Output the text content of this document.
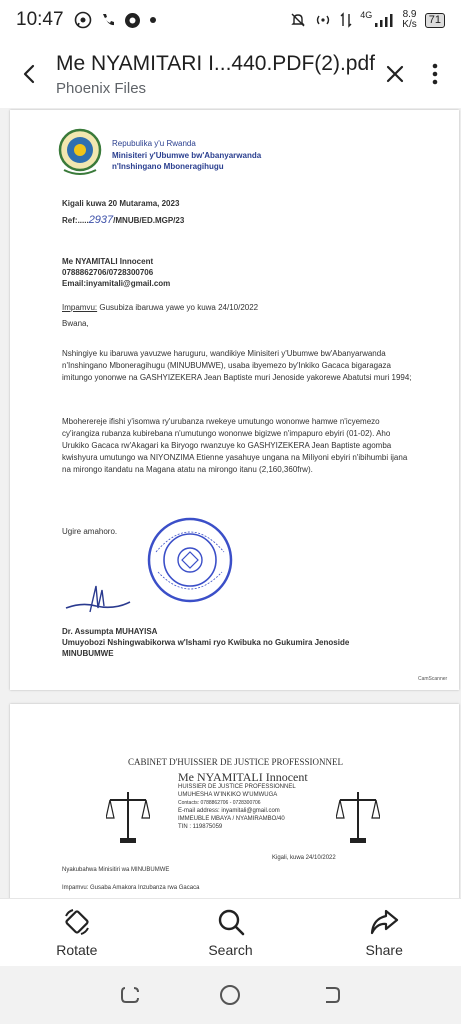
10:47	4G	8.9
K/s	71
Me NYAMITARI I...440.PDF(2).pdf
Phoenix Files
Repubulika y'u Rwanda
Minisiteri y'Ubumwe bw'Abanyarwanda
n'Inshingano Mboneragihugu
Kigali kuwa 20 Mutarama, 2023
Ref:.....2937/MNUB/ED.MGP/23
Me NYAMITALI Innocent
0788862706/0728300706
Email:inyamitali@gmail.com
Impamvu: Gusubiza ibaruwa yawe yo kuwa 24/10/2022
Bwana,
Nshingiye ku ibaruwa yavuzwe haruguru, wandikiye Minisiteri y'Ubumwe bw'Abanyarwanda n'Inshingano Mboneragihugu (MINUBUMWE), usaba ibyemezo by'Inkiko Gacaca bigaragaza imitungo yononwe na GASHYIZEKERA Jean Baptiste muri Jenoside yakorewe Abatutsi muri 1994;
Mboherereje ifishi y'isomwa ry'urubanza rwekeye umutungo wononwe hamwe n'icyemezo cy'irangiza rubanza kubirebana n'umutungo wononwe bigizwe n'impapuro ebyiri (01-02). Aho Urukiko Gacaca rw'Akagari ka Biryogo rwanzuye ko GASHYIZEKERA Jean Baptiste agomba kwishyura umutungo wa NIYONZIMA Etienne yasahuye ungana na Miliyoni ebyiri n'ibihumbi ijana na mirongo itandatu na Magana atatu na mirongo itanu (2,160,360frw).
Ugire amahoro.
Dr. Assumpta MUHAYISA
Umuyobozi Nshingwabikorwa w'Ishami ryo Kwibuka no Gukumira Jenoside
MINUBUMWE
CamScanner
CABINET D'HUISSIER DE JUSTICE PROFESSIONNEL
Me NYAMITALI Innocent
HUISSIER DE JUSTICE PROFESSIONNEL
UMUHESHA W'INKIKO W'UMWUGA
Contacts: 0788862706 - 0728300706
E-mail address: inyamitali@gmail.com
IMMEUBLE MBAYA / NYAMIRAMBO/40
TIN : 119875059
Kigali, kuwa 24/10/2022
Nyakubahwa Minisitiri wa MINUBUMWE
Impamvu: Gusaba Amakora Inzubanza rwa Gacaca
Rotate	Search	Share
